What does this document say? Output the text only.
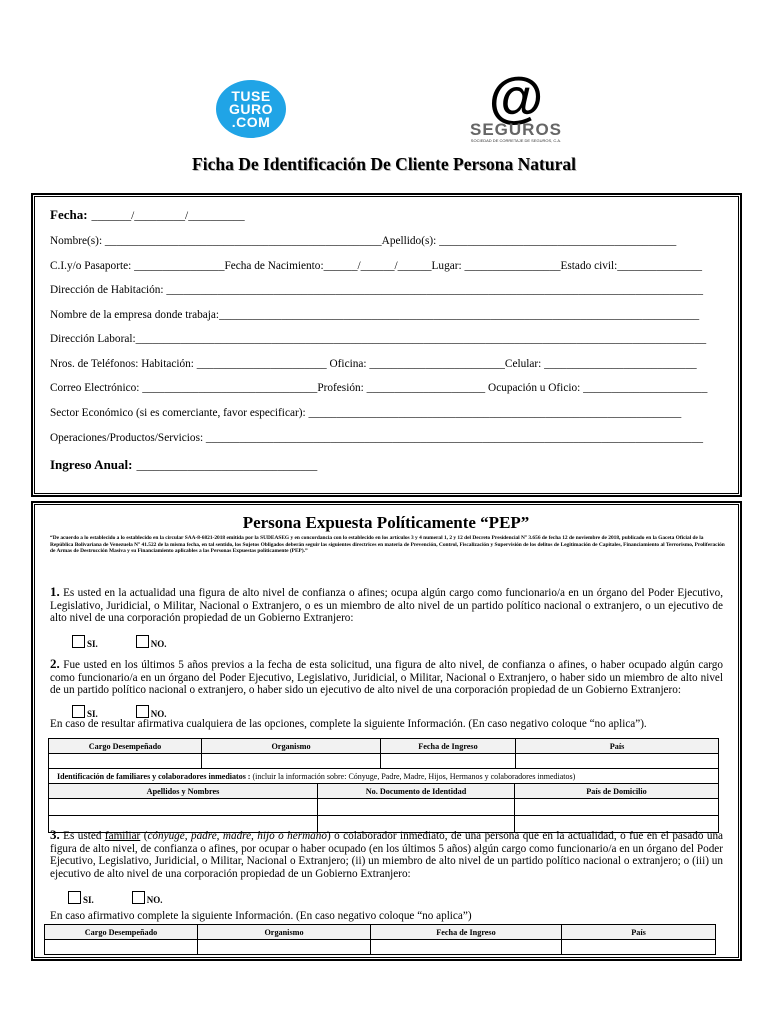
TUSE
GURO
.COM	@
SEGUROS
SOCIEDAD DE CORRETAJE DE SEGUROS, C.A.
Ficha De Identificación De Cliente Persona Natural
Fecha: _______/_________/__________
Nombre(s): _________________________________________________Apellido(s): __________________________________________
C.I.y/o Pasaporte: ________________Fecha de Nacimiento:______/______/______Lugar: _________________Estado civil:_______________
Dirección de Habitación: _______________________________________________________________________________________________
Nombre de la empresa donde trabaja:_____________________________________________________________________________________
Dirección Laboral:_____________________________________________________________________________________________________
Nros. de Teléfonos: Habitación: _______________________ Oficina: ________________________Celular: ___________________________
Correo Electrónico: _______________________________Profesión: _____________________ Ocupación u Oficio: ______________________
Sector Económico (si es comerciante, favor especificar): __________________________________________________________________
Operaciones/Productos/Servicios: ________________________________________________________________________________________
Ingreso Anual: ________________________________
Persona Expuesta Políticamente “PEP”
“De acuerdo a lo establecido a lo establecido en la circular SAA-8-6821-2018 emitida por la SUDEASEG y en concordancia con lo establecido en los artículos 3 y 4 numeral 1, 2 y 12 del Decreto Presidencial N° 3.656 de fecha 12 de noviembre de 2018, publicado en la Gaceta Oficial de la República Bolivariana de Venezuela N° 41.522 de la misma fecha, en tal sentido, los Sujetos Obligados deberán seguir las siguientes directrices en materia de Prevención, Control, Fiscalización y Supervisión de los delitos de Legitimación de Capitales, Financiamiento al Terrorismo, Proliferación de Armas de Destrucción Masiva y su Financiamiento aplicables a las Personas Expuestas políticamente (PEP).”
1. Es usted en la actualidad una figura de alto nivel de confianza o afines; ocupa algún cargo como funcionario/a en un órgano del Poder Ejecutivo, Legislativo, Juridicial, o Militar, Nacional o Extranjero, o es un miembro de alto nivel de un partido político nacional o extranjero, o un ejecutivo de alto nivel de una corporación propiedad de un Gobierno Extranjero:
SI.	NO.
2. Fue usted en los últimos 5 años previos a la fecha de esta solicitud, una figura de alto nivel, de confianza o afines, o haber ocupado algún cargo como funcionario/a en un órgano del Poder Ejecutivo, Legislativo, Juridicial, o Militar, Nacional o Extranjero, o haber sido un miembro de alto nivel de un partido político nacional o extranjero, o haber sido un ejecutivo de alto nivel de una corporación propiedad de un Gobierno Extranjero:
SI.	NO.
En caso de resultar afirmativa cualquiera de las opciones, complete la siguiente Información. (En caso negativo coloque “no aplica”).
Cargo Desempeñado	Organismo	Fecha de Ingreso	País

Identificación de familiares y colaboradores inmediatos : (incluir la información sobre: Cónyuge, Padre, Madre, Hijos, Hermanos y colaboradores inmediatos)		
Apellidos y Nombres	No. Documento de Identidad	País de Domicilio

3. Es usted familiar (cónyuge, padre, madre, hijo o hermano) o colaborador inmediato, de una persona que en la actualidad, o fue en el pasado una figura de alto nivel, de confianza o afines, por ocupar o haber ocupado (en los últimos 5 años) algún cargo como funcionario/a en un órgano del Poder Ejecutivo, Legislativo, Juridicial, o Militar, Nacional o Extranjero; (ii) un miembro de alto nivel de un partido político nacional o extranjero; o (iii) un ejecutivo de alto nivel de una corporación propiedad de un Gobierno Extranjero:
SI.	NO.
En caso afirmativo complete la siguiente Información. (En caso negativo coloque “no aplica”)
Cargo Desempeñado	Organismo	Fecha de Ingreso	País
